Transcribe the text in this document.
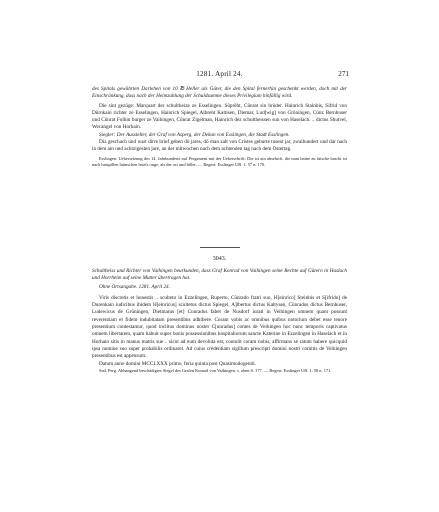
1281. April 24.	271

des Spitals gewährten Darlehen von 10 ℔ Heller als Güter, die den Spital fernerhin geschenkt werden, doch mit der Einschränkung, dass nach der Heimzahlung der Schuldsumme dieses Privilegium hinfällig wird.

Die sint gezüge: Marquart der schultheize ze Esselingen. Sûprëht, Cûnrat sin brûder. Hainrich Stainbis, Sifrid von Dürnkain richter ze Esselingen, Hainrich Spiegel, Albreht Kaltisen, Diemar, Lud[wig] von Grôningen, Cûnz Bernhuser und Cûnrat Folbin burger ze Vaihingen, Cûnrat Zigelman, Hainrich dez schultheissen sun von Haselach. .. dictus Shutvel, Wecangel von Horhain.

Siegler: Der Aussteller, der Graf von Asperg, der Dekan von Esslingen, die Stadt Esslingen.

Diz geschach und wart dirre brief geben dō jares, dō man zalt von Cristes geburte tusent jar, zwaihundert und dar nach in dem ain und achtzigesten jare, an der mitwochen nach dem achtenden tag nach dem Ostertag.

Esslingen. Uebersetzung des 14. Jahrhunderts auf Pergament mit der Ueberschrift: Die ist ain absehrift, die man latine zu tütsche bracht ist nach baispillen latinschen briefs ouge, als der ort und billet. — Regest: Esslinger UB. 1, 57 n. 170.

3043.

Schultheiss und Richter von Vaihingen beurkunden, dass Graf Konrad von Vaihingen seine Rechte auf Gütern in Haslach und Horrheim auf seine Mutter übertragen hat.

Ohne Ortsangabe. 1281. April 24.

Viris discretis et honestis .. sculteto in Ezzelingen, Ruperto, Cûnrado fratri suo, H[einrico] Steinbis et S[ifrido] de Durenkain iudicibus ibidem H[einricus] scultetus dictus Spiegel, A]lbertus dictus Kaltysen, Cûnradus dictus Bernhuser, Ludewicus de Grûningen, Dietmarus [et] Cunradus faber de Nusdorf iurati in Veihingen omnem quam possunt reverentiam et fidem indubitatam presentibus adhibere. Coram vobis ac omnibus quibus notorium debet esse tenore presentium contestamur, quod inclitus dominus noster C[unradus] comes de Veihingen hoc nunc temporis captivatus omnem libertatem, quam habuit super bonis possessionibus hospitaliorum sancte Katerine in Ezzelingen in Haselach et in Horhain sitis in manus matris sue .. sicut ad eum devoluta est, contulit coram nobis, affirmans se ratum habere quicquid ipsa nomine suo super probabilis ordinaret. Ad cuius credentiam sigillum prescripti domini nostri comitis de Veihingen presentibus est appensum.

Datum anno domini MCCLXXX primo, feria quinta post Quasimodogeniti.

Stal. Perg. Abhangend beschädigtes Siegel des Grafen Konrad von Vaihingen, s. oben S. 177. — Regest: Esslinger UB. 1, 58 n. 171.
